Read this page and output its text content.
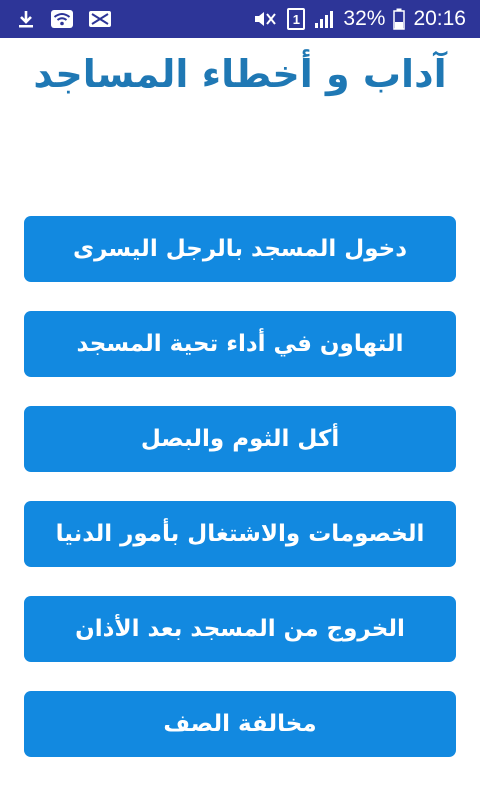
1 32% 20:16
آداب و أخطاء المساجد
دخول المسجد بالرجل اليسرى
التهاون في أداء تحية المسجد
أكل الثوم والبصل
الخصومات والاشتغال بأمور الدنيا
الخروج من المسجد بعد الأذان
مخالفة الصف
